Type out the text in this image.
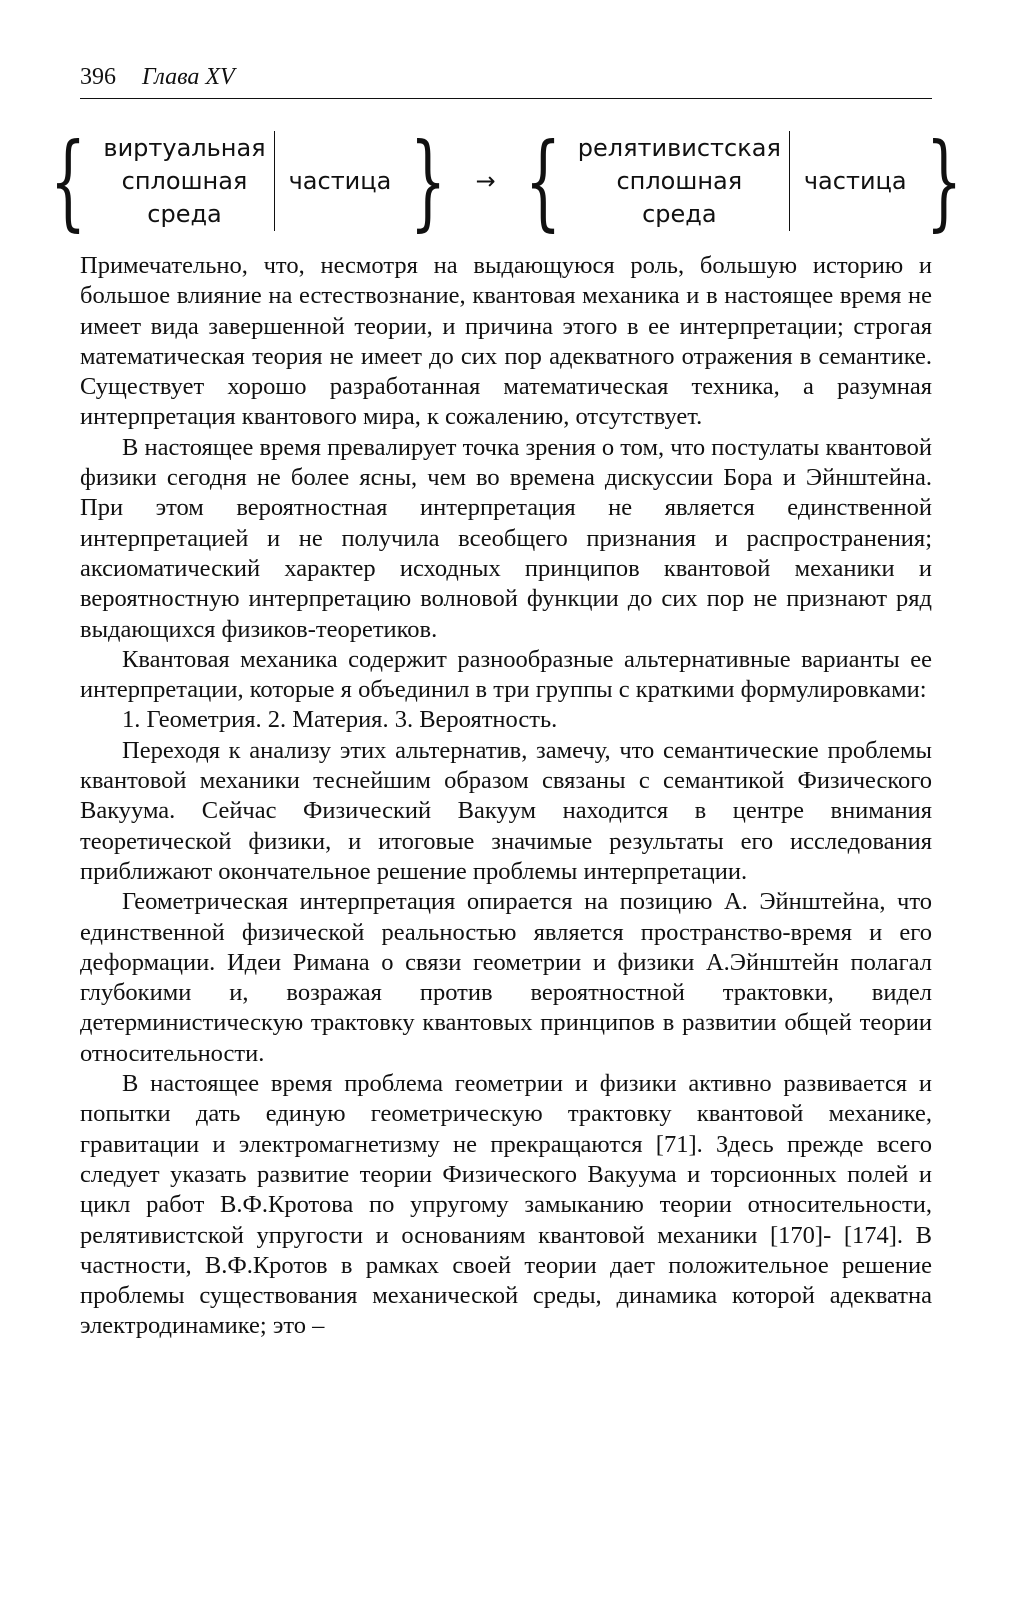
396 Глава XV
{ виртуальная
сплошная
среда
частица } → { релятивистская
сплошная
среда
частица }

Примечательно, что, несмотря на выдающуюся роль, большую историю и большое влияние на естествознание, квантовая механика и в настоящее время не имеет вида завершенной теории, и причина этого в ее интерпретации; строгая математическая теория не имеет до сих пор адекватного отражения в семантике. Существует хорошо разработанная математическая техника, а разумная интерпретация квантового мира, к сожалению, отсутствует.

В настоящее время превалирует точка зрения о том, что постулаты квантовой физики сегодня не более ясны, чем во времена дискуссии Бора и Эйнштейна. При этом вероятностная интерпретация не является единственной интерпретацией и не получила всеобщего признания и распространения; аксиоматический характер исходных принципов квантовой механики и вероятностную интерпретацию волновой функции до сих пор не признают ряд выдающихся физиков-теоретиков.

Квантовая механика содержит разнообразные альтернативные варианты ее интерпретации, которые я объединил в три группы с краткими формулировками:

1. Геометрия. 2. Материя. 3. Вероятность.

Переходя к анализу этих альтернатив, замечу, что семантические проблемы квантовой механики теснейшим образом связаны с семантикой Физического Вакуума. Сейчас Физический Вакуум находится в центре внимания теоретической физики, и итоговые значимые результаты его исследования приближают окончательное решение проблемы интерпретации.

Геометрическая интерпретация опирается на позицию А. Эйнштейна, что единственной физической реальностью является пространство-время и его деформации. Идеи Римана о связи геометрии и физики А.Эйнштейн полагал глубокими и, возражая против вероятностной трактовки, видел детерминистическую трактовку квантовых принципов в развитии общей теории относительности.

В настоящее время проблема геометрии и физики активно развивается и попытки дать единую геометрическую трактовку квантовой механике, гравитации и электромагнетизму не прекращаются [71]. Здесь прежде всего следует указать развитие теории Физического Вакуума и торсионных полей и цикл работ В.Ф.Кротова по упругому замыканию теории относительности, релятивистской упругости и основаниям квантовой механики [170]- [174]. В частности, В.Ф.Кротов в рамках своей теории дает положительное решение проблемы существования механической среды, динамика которой адекватна электродинамике; это –
